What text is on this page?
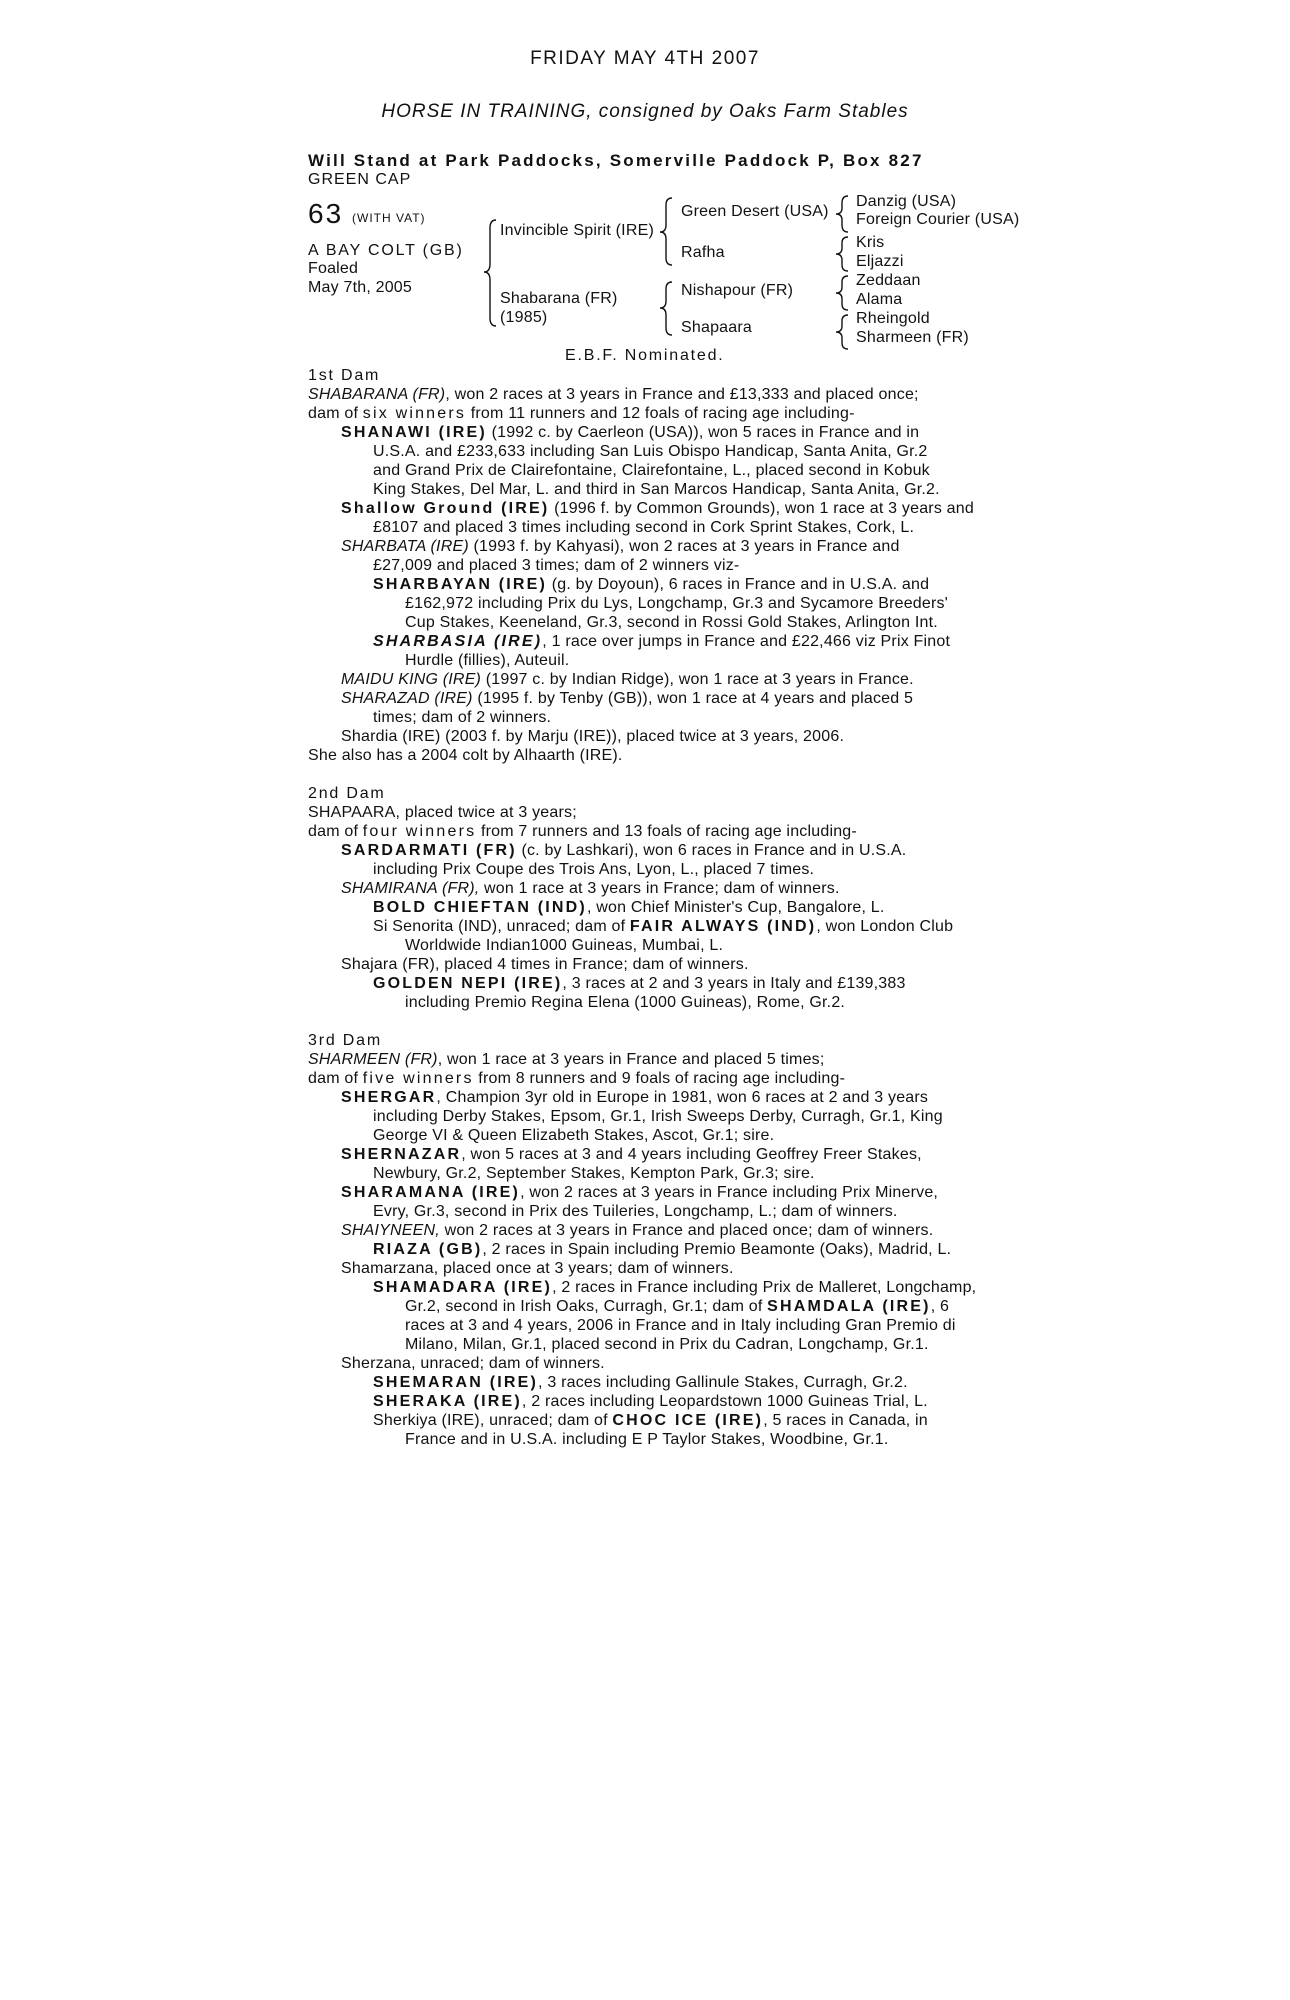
FRIDAY MAY 4TH 2007
HORSE IN TRAINING, consigned by Oaks Farm Stables
Will Stand at Park Paddocks, Somerville Paddock P, Box 827
GREEN CAP
63 (WITH VAT)
A BAY COLT (GB)
Foaled
May 7th, 2005
Invincible Spirit (IRE)
Shabarana (FR)
(1985)
Green Desert (USA)
Rafha
Nishapour (FR)
Shapaara
Danzig (USA)
Foreign Courier (USA)
Kris
Eljazzi
Zeddaan
Alama
Rheingold
Sharmeen (FR)
E.B.F. Nominated.
1st Dam
SHABARANA (FR), won 2 races at 3 years in France and £13,333 and placed once;
dam of six winners from 11 runners and 12 foals of racing age including-
SHANAWI (IRE) (1992 c. by Caerleon (USA)), won 5 races in France and in
U.S.A. and £233,633 including San Luis Obispo Handicap, Santa Anita, Gr.2
and Grand Prix de Clairefontaine, Clairefontaine, L., placed second in Kobuk
King Stakes, Del Mar, L. and third in San Marcos Handicap, Santa Anita, Gr.2.
Shallow Ground (IRE) (1996 f. by Common Grounds), won 1 race at 3 years and
£8107 and placed 3 times including second in Cork Sprint Stakes, Cork, L.
SHARBATA (IRE) (1993 f. by Kahyasi), won 2 races at 3 years in France and
£27,009 and placed 3 times; dam of 2 winners viz-
SHARBAYAN (IRE) (g. by Doyoun), 6 races in France and in U.S.A. and
£162,972 including Prix du Lys, Longchamp, Gr.3 and Sycamore Breeders'
Cup Stakes, Keeneland, Gr.3, second in Rossi Gold Stakes, Arlington Int.
SHARBASIA (IRE), 1 race over jumps in France and £22,466 viz Prix Finot
Hurdle (fillies), Auteuil.
MAIDU KING (IRE) (1997 c. by Indian Ridge), won 1 race at 3 years in France.
SHARAZAD (IRE) (1995 f. by Tenby (GB)), won 1 race at 4 years and placed 5
times; dam of 2 winners.
Shardia (IRE) (2003 f. by Marju (IRE)), placed twice at 3 years, 2006.
She also has a 2004 colt by Alhaarth (IRE).
2nd Dam
SHAPAARA, placed twice at 3 years;
dam of four winners from 7 runners and 13 foals of racing age including-
SARDARMATI (FR) (c. by Lashkari), won 6 races in France and in U.S.A.
including Prix Coupe des Trois Ans, Lyon, L., placed 7 times.
SHAMIRANA (FR), won 1 race at 3 years in France; dam of winners.
BOLD CHIEFTAN (IND), won Chief Minister's Cup, Bangalore, L.
Si Senorita (IND), unraced; dam of FAIR ALWAYS (IND), won London Club
Worldwide Indian1000 Guineas, Mumbai, L.
Shajara (FR), placed 4 times in France; dam of winners.
GOLDEN NEPI (IRE), 3 races at 2 and 3 years in Italy and £139,383
including Premio Regina Elena (1000 Guineas), Rome, Gr.2.
3rd Dam
SHARMEEN (FR), won 1 race at 3 years in France and placed 5 times;
dam of five winners from 8 runners and 9 foals of racing age including-
SHERGAR, Champion 3yr old in Europe in 1981, won 6 races at 2 and 3 years
including Derby Stakes, Epsom, Gr.1, Irish Sweeps Derby, Curragh, Gr.1, King
George VI & Queen Elizabeth Stakes, Ascot, Gr.1; sire.
SHERNAZAR, won 5 races at 3 and 4 years including Geoffrey Freer Stakes,
Newbury, Gr.2, September Stakes, Kempton Park, Gr.3; sire.
SHARAMANA (IRE), won 2 races at 3 years in France including Prix Minerve,
Evry, Gr.3, second in Prix des Tuileries, Longchamp, L.; dam of winners.
SHAIYNEEN, won 2 races at 3 years in France and placed once; dam of winners.
RIAZA (GB), 2 races in Spain including Premio Beamonte (Oaks), Madrid, L.
Shamarzana, placed once at 3 years; dam of winners.
SHAMADARA (IRE), 2 races in France including Prix de Malleret, Longchamp,
Gr.2, second in Irish Oaks, Curragh, Gr.1; dam of SHAMDALA (IRE), 6
races at 3 and 4 years, 2006 in France and in Italy including Gran Premio di
Milano, Milan, Gr.1, placed second in Prix du Cadran, Longchamp, Gr.1.
Sherzana, unraced; dam of winners.
SHEMARAN (IRE), 3 races including Gallinule Stakes, Curragh, Gr.2.
SHERAKA (IRE), 2 races including Leopardstown 1000 Guineas Trial, L.
Sherkiya (IRE), unraced; dam of CHOC ICE (IRE), 5 races in Canada, in
France and in U.S.A. including E P Taylor Stakes, Woodbine, Gr.1.
